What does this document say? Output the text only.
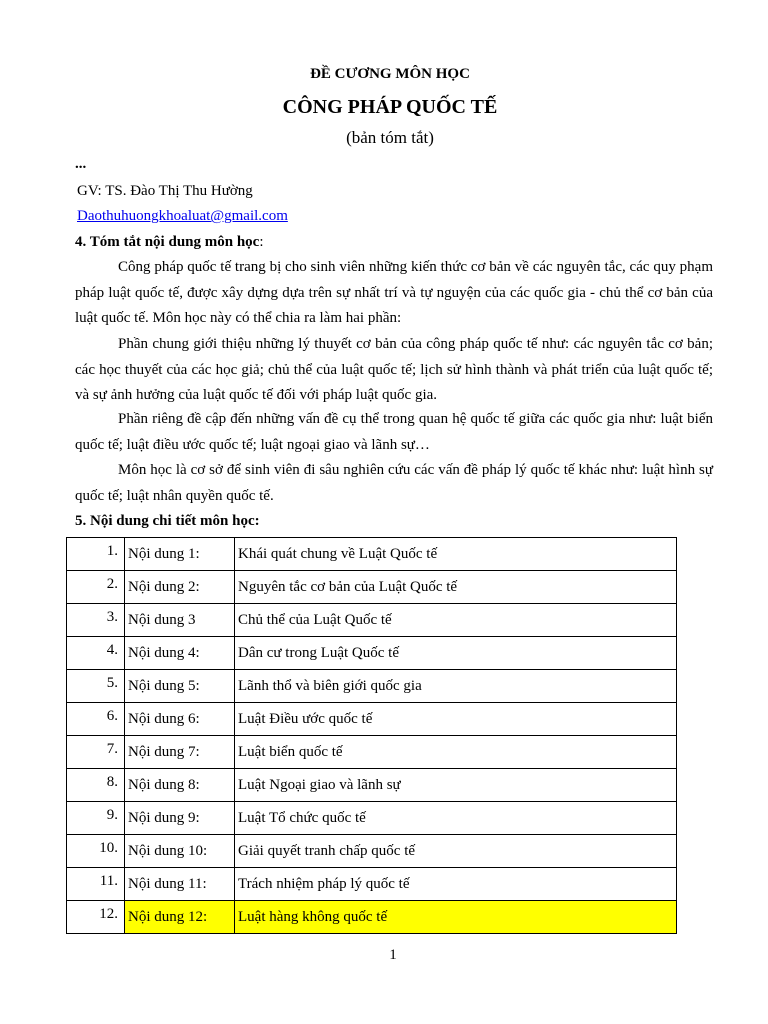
ĐỀ CƯƠNG MÔN HỌC
CÔNG PHÁP QUỐC TẾ
(bản tóm tắt)
...
GV: TS. Đào Thị Thu Hường
Daothuhuongkhoaluat@gmail.com
4. Tóm tắt nội dung môn học:
Công pháp quốc tế trang bị cho sinh viên những kiến thức cơ bản về các nguyên tắc, các quy phạm pháp luật quốc tế, được xây dựng dựa trên sự nhất trí và tự nguyện của các quốc gia - chủ thể cơ bản của luật quốc tế. Môn học này có thể chia ra làm hai phần:
Phần chung giới thiệu những lý thuyết cơ bản của công pháp quốc tế như: các nguyên tắc cơ bản; các học thuyết của các học giả; chủ thể của luật quốc tế; lịch sử hình thành và phát triển của luật quốc tế; và sự ảnh hưởng của luật quốc tế đối với pháp luật quốc gia.
Phần riêng đề cập đến những vấn đề cụ thể trong quan hệ quốc tế giữa các quốc gia như: luật biển quốc tế; luật điều ước quốc tế; luật ngoại giao và lãnh sự…
Môn học là cơ sở để sinh viên đi sâu nghiên cứu các vấn đề pháp lý quốc tế khác như: luật hình sự quốc tế; luật nhân quyền quốc tế.
5. Nội dung chi tiết môn học:
1.	Nội dung 1:	Khái quát chung về Luật Quốc tế
2.	Nội dung 2:	Nguyên tắc cơ bản của Luật Quốc tế
3.	Nội dung 3	Chủ thể của Luật Quốc tế
4.	Nội dung 4:	Dân cư trong Luật Quốc tế
5.	Nội dung 5:	Lãnh thổ và biên giới quốc gia
6.	Nội dung 6:	Luật Điều ước quốc tế
7.	Nội dung 7:	Luật biển quốc tế
8.	Nội dung 8:	Luật Ngoại giao và lãnh sự
9.	Nội dung 9:	Luật Tổ chức quốc tế
10.	Nội dung 10:	Giải quyết tranh chấp quốc tế
11.	Nội dung 11:	Trách nhiệm pháp lý quốc tế
12.	Nội dung 12:	Luật hàng không quốc tế
1
